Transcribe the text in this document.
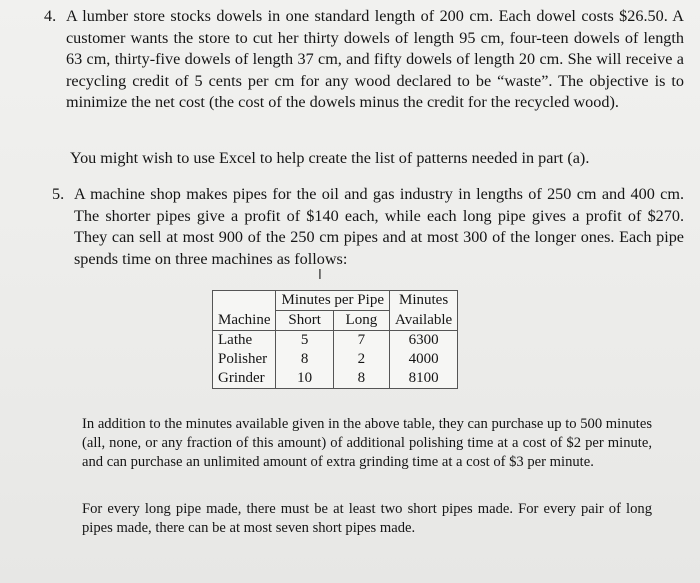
4. A lumber store stocks dowels in one standard length of 200 cm. Each dowel costs $26.50. A customer wants the store to cut her thirty dowels of length 95 cm, four-teen dowels of length 63 cm, thirty-five dowels of length 37 cm, and fifty dowels of length 20 cm. She will receive a recycling credit of 5 cents per cm for any wood declared to be “waste”. The objective is to minimize the net cost (the cost of the dowels minus the credit for the recycled wood).
You might wish to use Excel to help create the list of patterns needed in part (a).
5. A machine shop makes pipes for the oil and gas industry in lengths of 250 cm and 400 cm. The shorter pipes give a profit of $140 each, while each long pipe gives a profit of $270. They can sell at most 900 of the 250 cm pipes and at most 300 of the longer ones. Each pipe spends time on three machines as follows:
I
	Minutes per Pipe		Minutes
Machine	Short	Long	Available
Lathe	5	7	6300
Polisher	8	2	4000
Grinder	10	8	8100
In addition to the minutes available given in the above table, they can purchase up to 500 minutes (all, none, or any fraction of this amount) of additional polishing time at a cost of $2 per minute, and can purchase an unlimited amount of extra grinding time at a cost of $3 per minute.
For every long pipe made, there must be at least two short pipes made. For every pair of long pipes made, there can be at most seven short pipes made.
